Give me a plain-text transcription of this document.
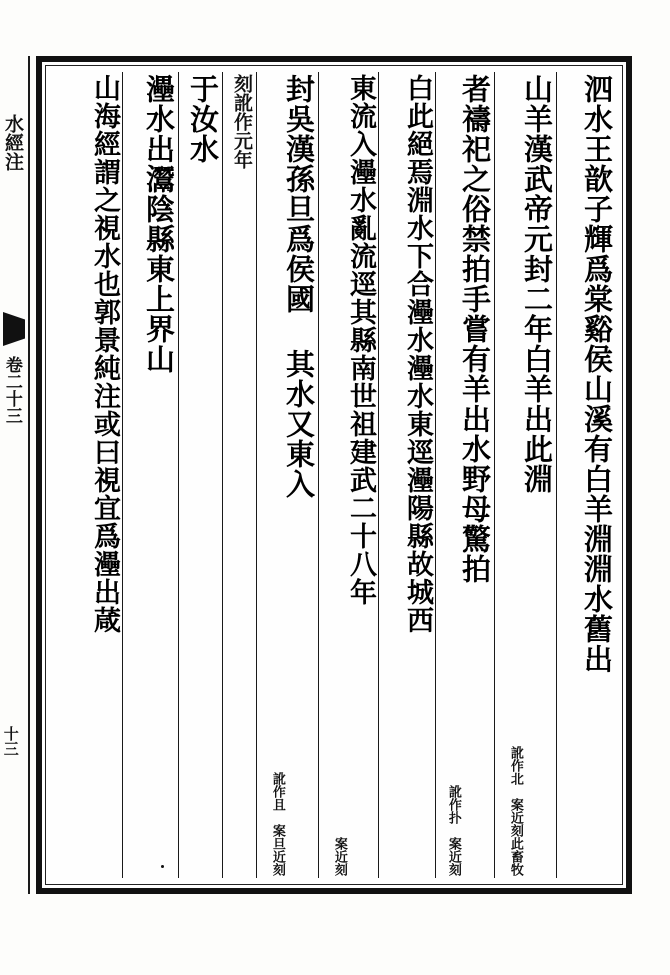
水經注
卷二十三
十三
泗水王歆子輝爲棠谿侯山溪有白羊淵淵水舊出
山羊漢武帝元封二年白羊出此淵
訛作北　案近刻此畜牧
者禱祀之俗禁拍手嘗有羊出水野母驚拍
訛作扑　案近刻
白此絕焉淵水下合灅水灅水東逕灅陽縣故城西
東流入灅水亂流逕其縣南世祖建武二十八年
案近刻
封吳漢孫旦爲侯國 其水又東入
訛作且　案旦近刻
刻訛作元年
于汝水
灅水出灊陰縣東上界山
山海經謂之視水也郭景純注或曰視宜爲灅出葴
